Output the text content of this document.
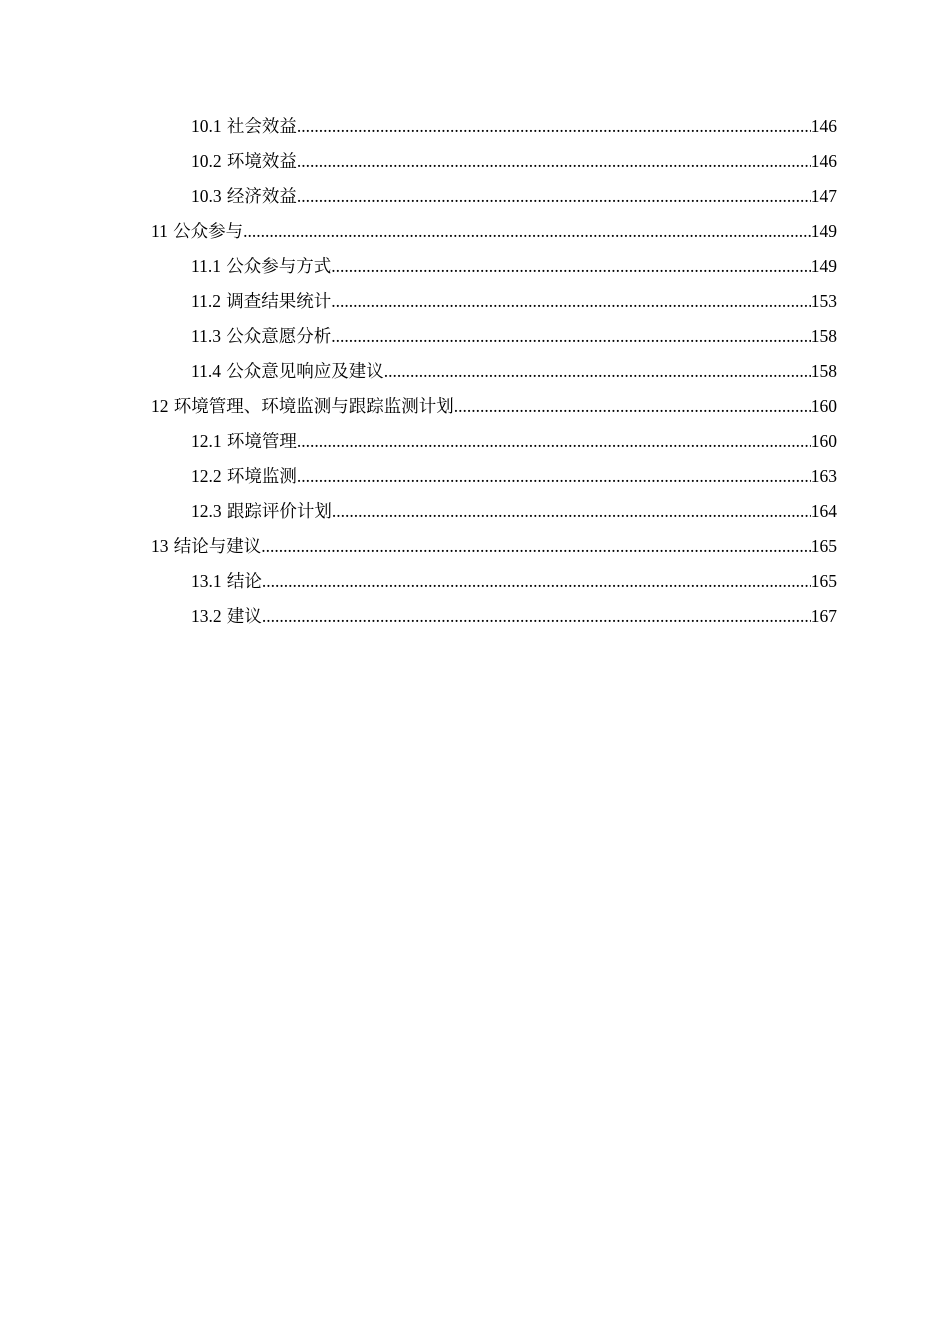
10.1 社会效益 .....	146
10.2 环境效益 .....	146
10.3 经济效益 .....	147
11 公众参与 .....	149
11.1 公众参与方式 .....	149
11.2 调查结果统计 .....	153
11.3 公众意愿分析 .....	158
11.4 公众意见响应及建议 .....	158
12 环境管理、环境监测与跟踪监测计划 .....	160
12.1 环境管理 .....	160
12.2 环境监测 .....	163
12.3 跟踪评价计划 .....	164
13 结论与建议 .....	165
13.1 结论 .....	165
13.2 建议 .....	167
